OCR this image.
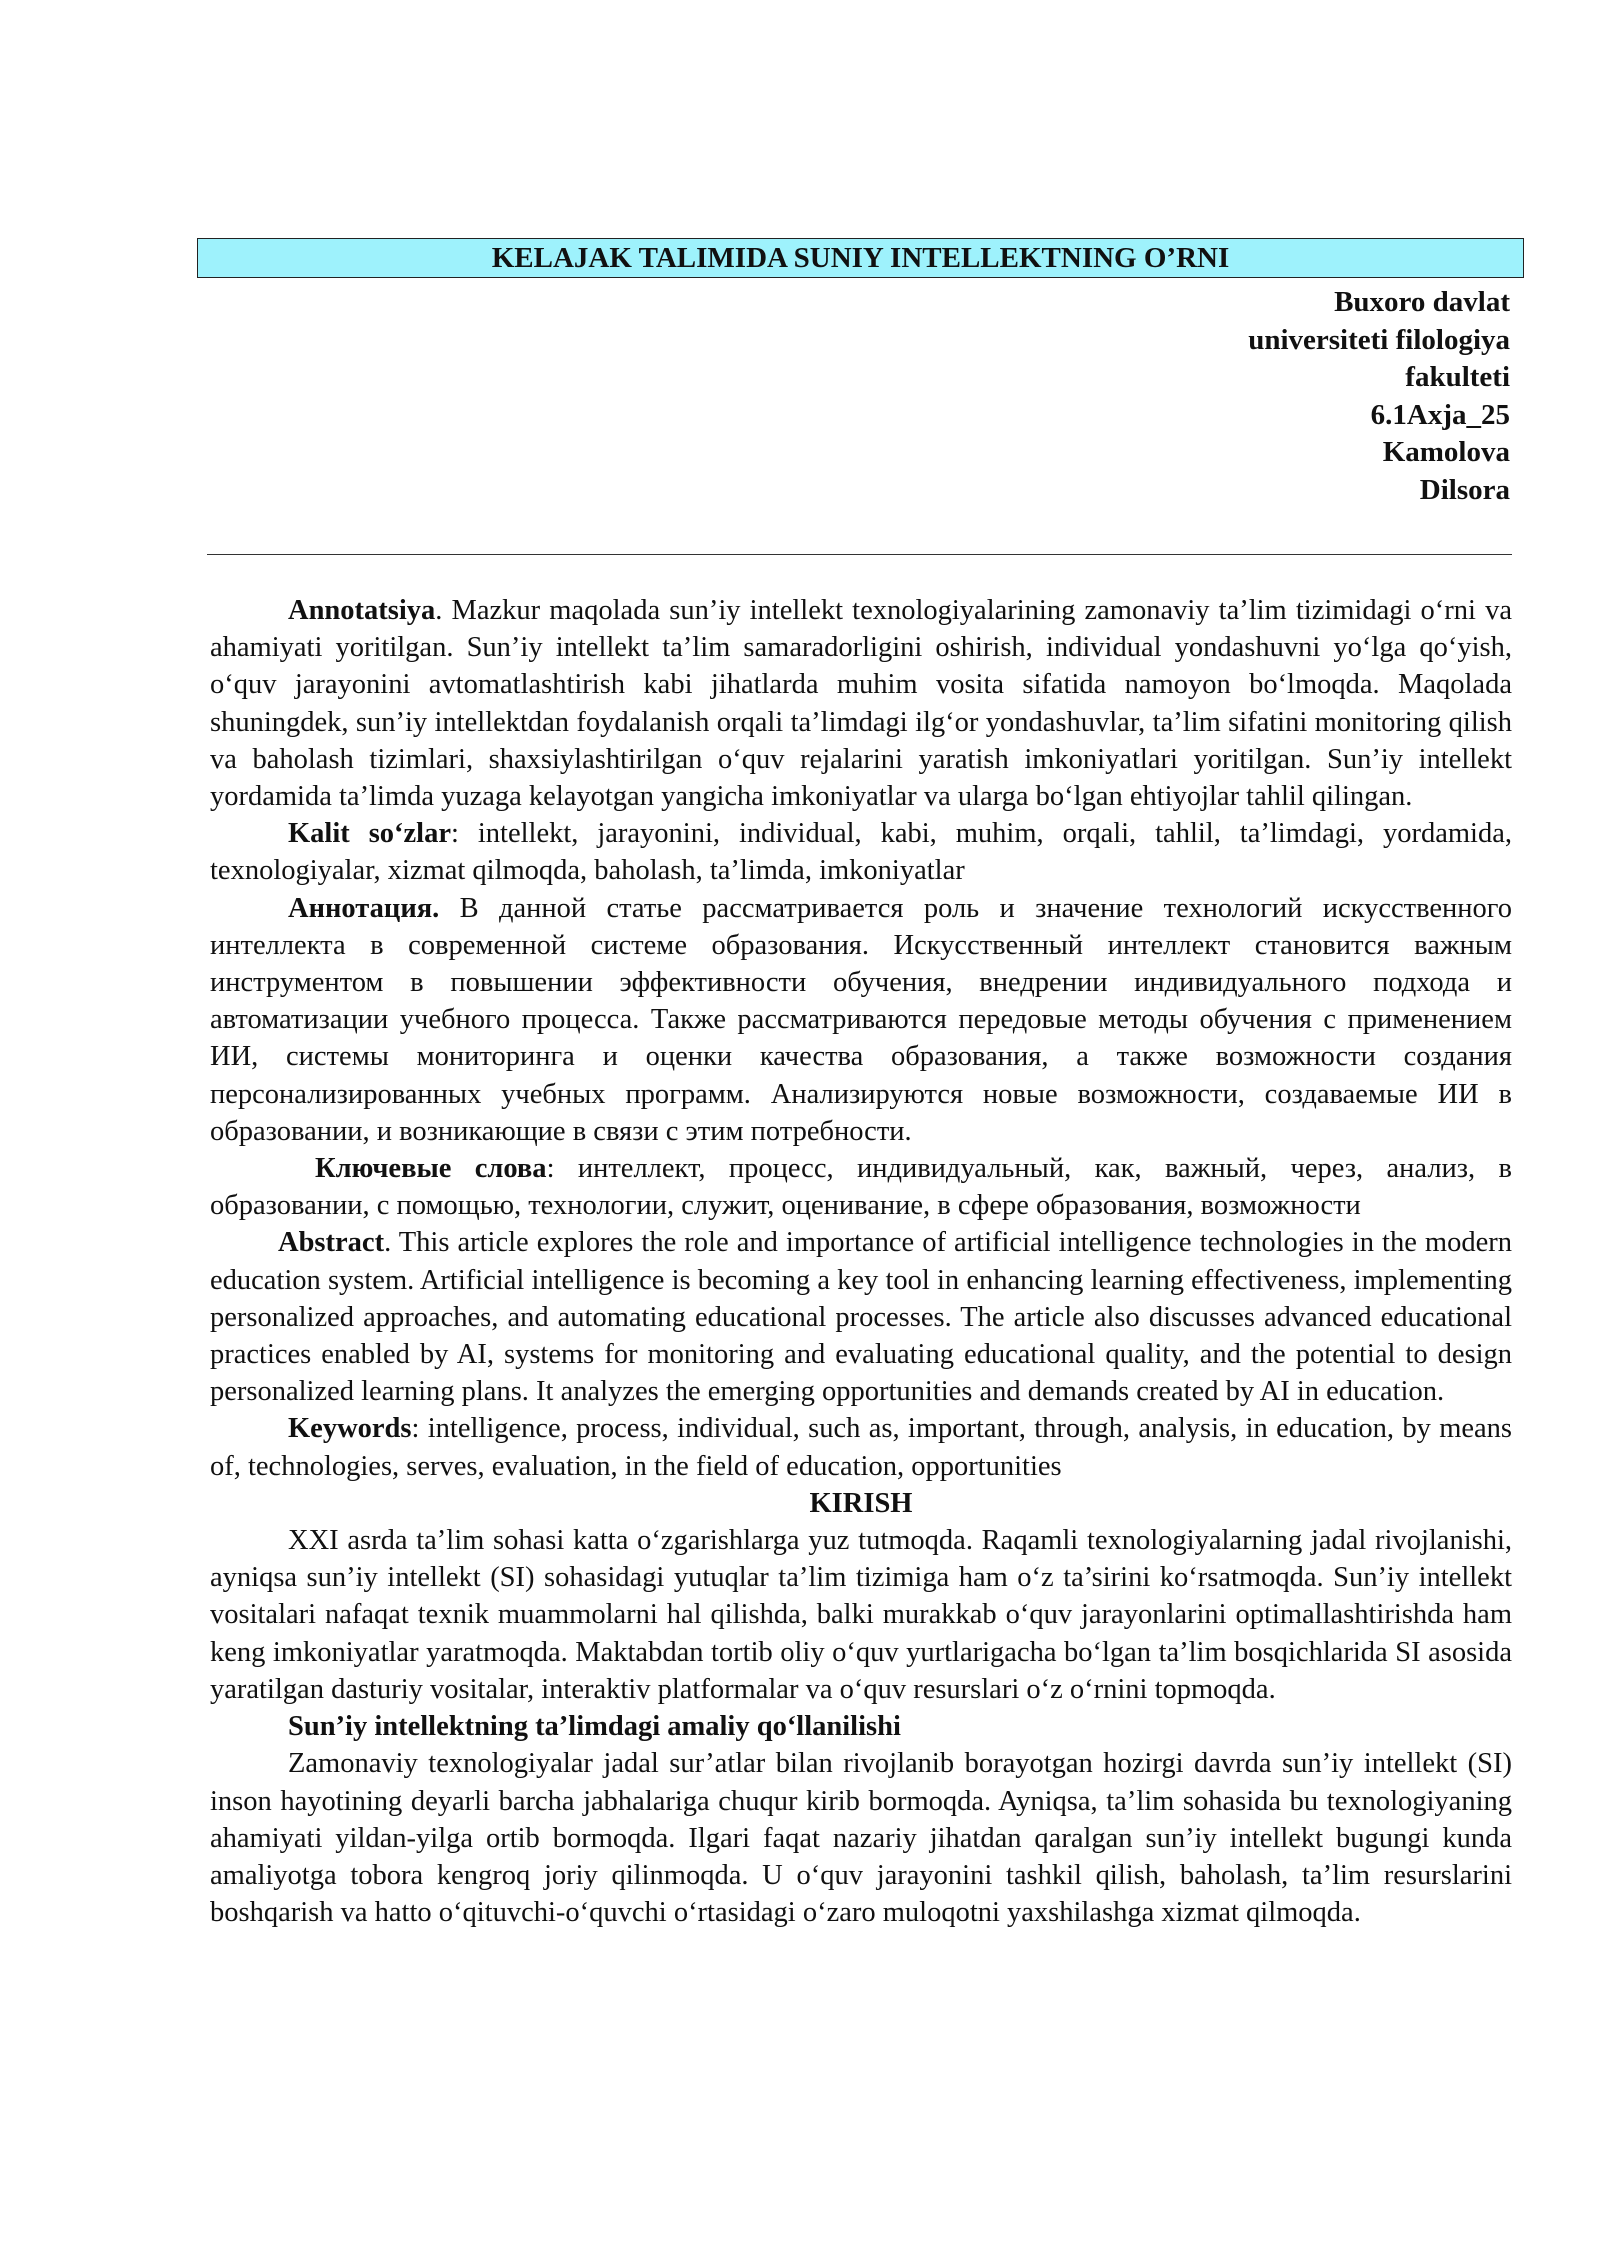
KELAJAK TALIMIDA SUNIY INTELLEKTNING O’RNI
Buxoro davlat
universiteti filologiya
fakulteti
6.1Axja_25
Kamolova
Dilsora

Annotatsiya. Mazkur maqolada sun’iy intellekt texnologiyalarining zamonaviy ta’lim tizimidagi o‘rni va ahamiyati yoritilgan. Sun’iy intellekt ta’lim samaradorligini oshirish, individual yondashuvni yo‘lga qo‘yish, o‘quv jarayonini avtomatlashtirish kabi jihatlarda muhim vosita sifatida namoyon bo‘lmoqda. Maqolada shuningdek, sun’iy intellektdan foydalanish orqali ta’limdagi ilg‘or yondashuvlar, ta’lim sifatini monitoring qilish va baholash tizimlari, shaxsiylashtirilgan o‘quv rejalarini yaratish imkoniyatlari yoritilgan. Sun’iy intellekt yordamida ta’limda yuzaga kelayotgan yangicha imkoniyatlar va ularga bo‘lgan ehtiyojlar tahlil qilingan.

Kalit so‘zlar: intellekt, jarayonini, individual, kabi, muhim, orqali, tahlil, ta’limdagi, yordamida, texnologiyalar, xizmat qilmoqda, baholash, ta’limda, imkoniyatlar

Аннотация. В данной статье рассматривается роль и значение технологий искусственного интеллекта в современной системе образования. Искусственный интеллект становится важным инструментом в повышении эффективности обучения, внедрении индивидуального подхода и автоматизации учебного процесса. Также рассматриваются передовые методы обучения с применением ИИ, системы мониторинга и оценки качества образования, а также возможности создания персонализированных учебных программ. Анализируются новые возможности, создаваемые ИИ в образовании, и возникающие в связи с этим потребности.

Ключевые слова: интеллект, процесс, индивидуальный, как, важный, через, анализ, в образовании, с помощью, технологии, служит, оценивание, в сфере образования, возможности

Abstract. This article explores the role and importance of artificial intelligence technologies in the modern education system. Artificial intelligence is becoming a key tool in enhancing learning effectiveness, implementing personalized approaches, and automating educational processes. The article also discusses advanced educational practices enabled by AI, systems for monitoring and evaluating educational quality, and the potential to design personalized learning plans. It analyzes the emerging opportunities and demands created by AI in education.

Keywords: intelligence, process, individual, such as, important, through, analysis, in education, by means of, technologies, serves, evaluation, in the field of education, opportunities

KIRISH

XXI asrda ta’lim sohasi katta o‘zgarishlarga yuz tutmoqda. Raqamli texnologiyalarning jadal rivojlanishi, ayniqsa sun’iy intellekt (SI) sohasidagi yutuqlar ta’lim tizimiga ham o‘z ta’sirini ko‘rsatmoqda. Sun’iy intellekt vositalari nafaqat texnik muammolarni hal qilishda, balki murakkab o‘quv jarayonlarini optimallashtirishda ham keng imkoniyatlar yaratmoqda. Maktabdan tortib oliy o‘quv yurtlarigacha bo‘lgan ta’lim bosqichlarida SI asosida yaratilgan dasturiy vositalar, interaktiv platformalar va o‘quv resurslari o‘z o‘rnini topmoqda.

Sun’iy intellektning ta’limdagi amaliy qo‘llanilishi

Zamonaviy texnologiyalar jadal sur’atlar bilan rivojlanib borayotgan hozirgi davrda sun’iy intellekt (SI) inson hayotining deyarli barcha jabhalariga chuqur kirib bormoqda. Ayniqsa, ta’lim sohasida bu texnologiyaning ahamiyati yildan-yilga ortib bormoqda. Ilgari faqat nazariy jihatdan qaralgan sun’iy intellekt bugungi kunda amaliyotga tobora kengroq joriy qilinmoqda. U o‘quv jarayonini tashkil qilish, baholash, ta’lim resurslarini boshqarish va hatto o‘qituvchi-o‘quvchi o‘rtasidagi o‘zaro muloqotni yaxshilashga xizmat qilmoqda.
